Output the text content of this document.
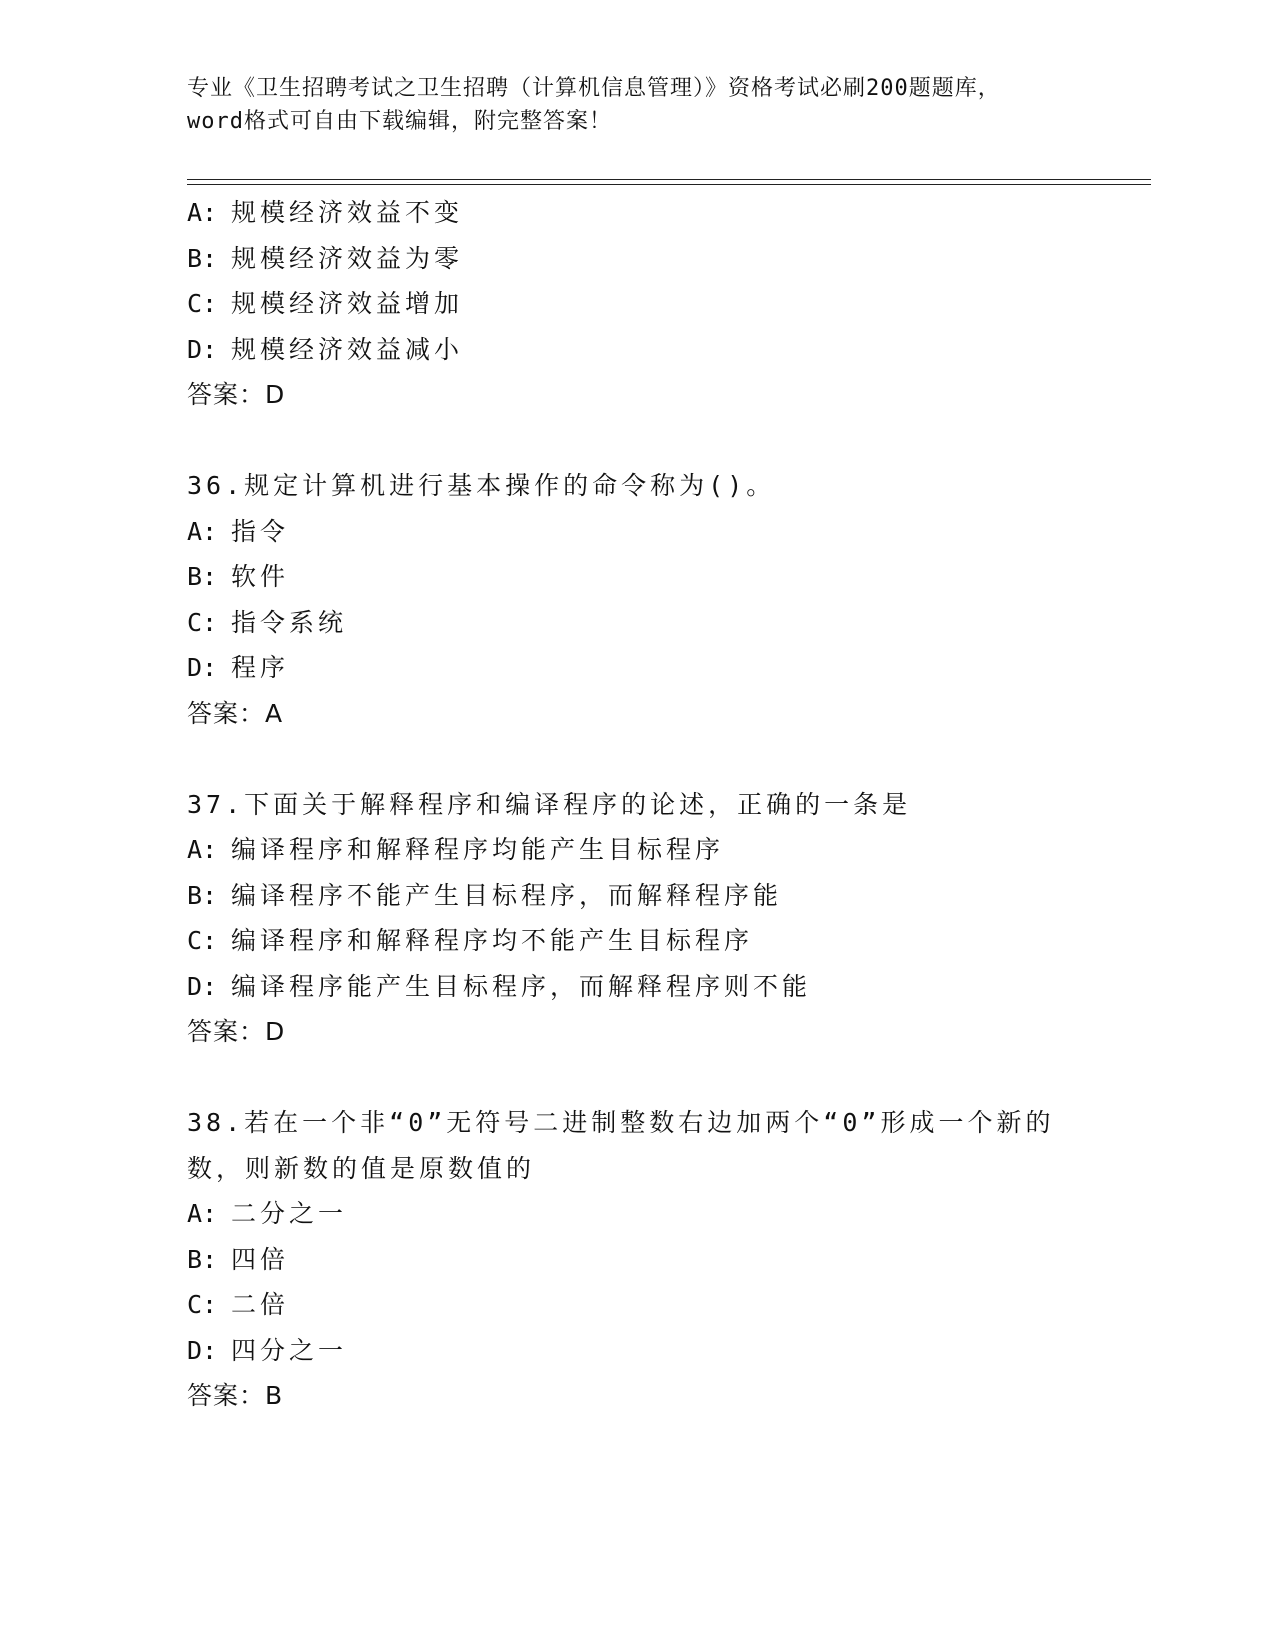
专业《卫生招聘考试之卫生招聘（计算机信息管理）》资格考试必刷200题题库，
word格式可自由下载编辑，附完整答案！
A: 规模经济效益不变
B: 规模经济效益为零
C: 规模经济效益增加
D: 规模经济效益减小
答案：D
36.规定计算机进行基本操作的命令称为()。
A: 指令
B: 软件
C: 指令系统
D: 程序
答案：A
37.下面关于解释程序和编译程序的论述，正确的一条是
A: 编译程序和解释程序均能产生目标程序
B: 编译程序不能产生目标程序，而解释程序能
C: 编译程序和解释程序均不能产生目标程序
D: 编译程序能产生目标程序，而解释程序则不能
答案：D
38.若在一个非“0”无符号二进制整数右边加两个“0”形成一个新的
数，则新数的值是原数值的
A: 二分之一
B: 四倍
C: 二倍
D: 四分之一
答案：B
